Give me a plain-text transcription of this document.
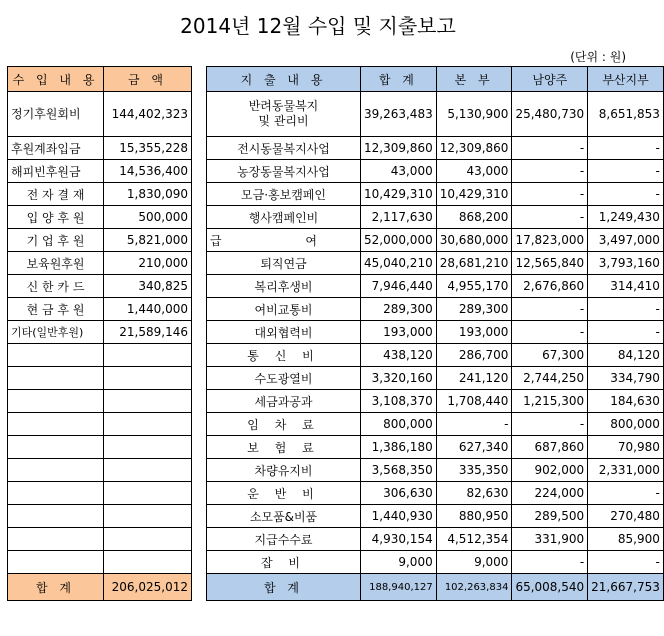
2014년 12월 수입 및 지출보고
(단위 : 원)
수 입 내 용	금 액
정기후원회비	144,402,323
후원계좌입금	15,355,228
해피빈후원금	14,536,400
전 자 결 재	1,830,090
입 양 후 원	500,000
기 업 후 원	5,821,000
보육원후원	210,000
신 한 카 드	340,825
현 금 후 원	1,440,000
기타(일반후원)	21,589,146

합 계	206,025,012
지 출 내 용	합 계	본 부	남양주	부산지부
반려동물복지
및 관리비	39,263,483	5,130,900	25,480,730	8,651,853
전시동물복지사업	12,309,860	12,309,860	-	-
농장동물복지사업	43,000	43,000	-	-
모금·홍보캠페인	10,429,310	10,429,310	-	-
행사캠페인비	2,117,630	868,200	-	1,249,430
급 여	52,000,000	30,680,000	17,823,000	3,497,000
퇴직연금	45,040,210	28,681,210	12,565,840	3,793,160
복리후생비	7,946,440	4,955,170	2,676,860	314,410
여비교통비	289,300	289,300	-	-
대외협력비	193,000	193,000	-	-
통 신 비	438,120	286,700	67,300	84,120
수도광열비	3,320,160	241,120	2,744,250	334,790
세금과공과	3,108,370	1,708,440	1,215,300	184,630
임 차 료	800,000	-	-	800,000
보 험 료	1,386,180	627,340	687,860	70,980
차량유지비	3,568,350	335,350	902,000	2,331,000
운 반 비	306,630	82,630	224,000	-
소모품&비품	1,440,930	880,950	289,500	270,480
지급수수료	4,930,154	4,512,354	331,900	85,900
잡 비	9,000	9,000	-	-
합 계	188,940,127	102,263,834	65,008,540	21,667,753
